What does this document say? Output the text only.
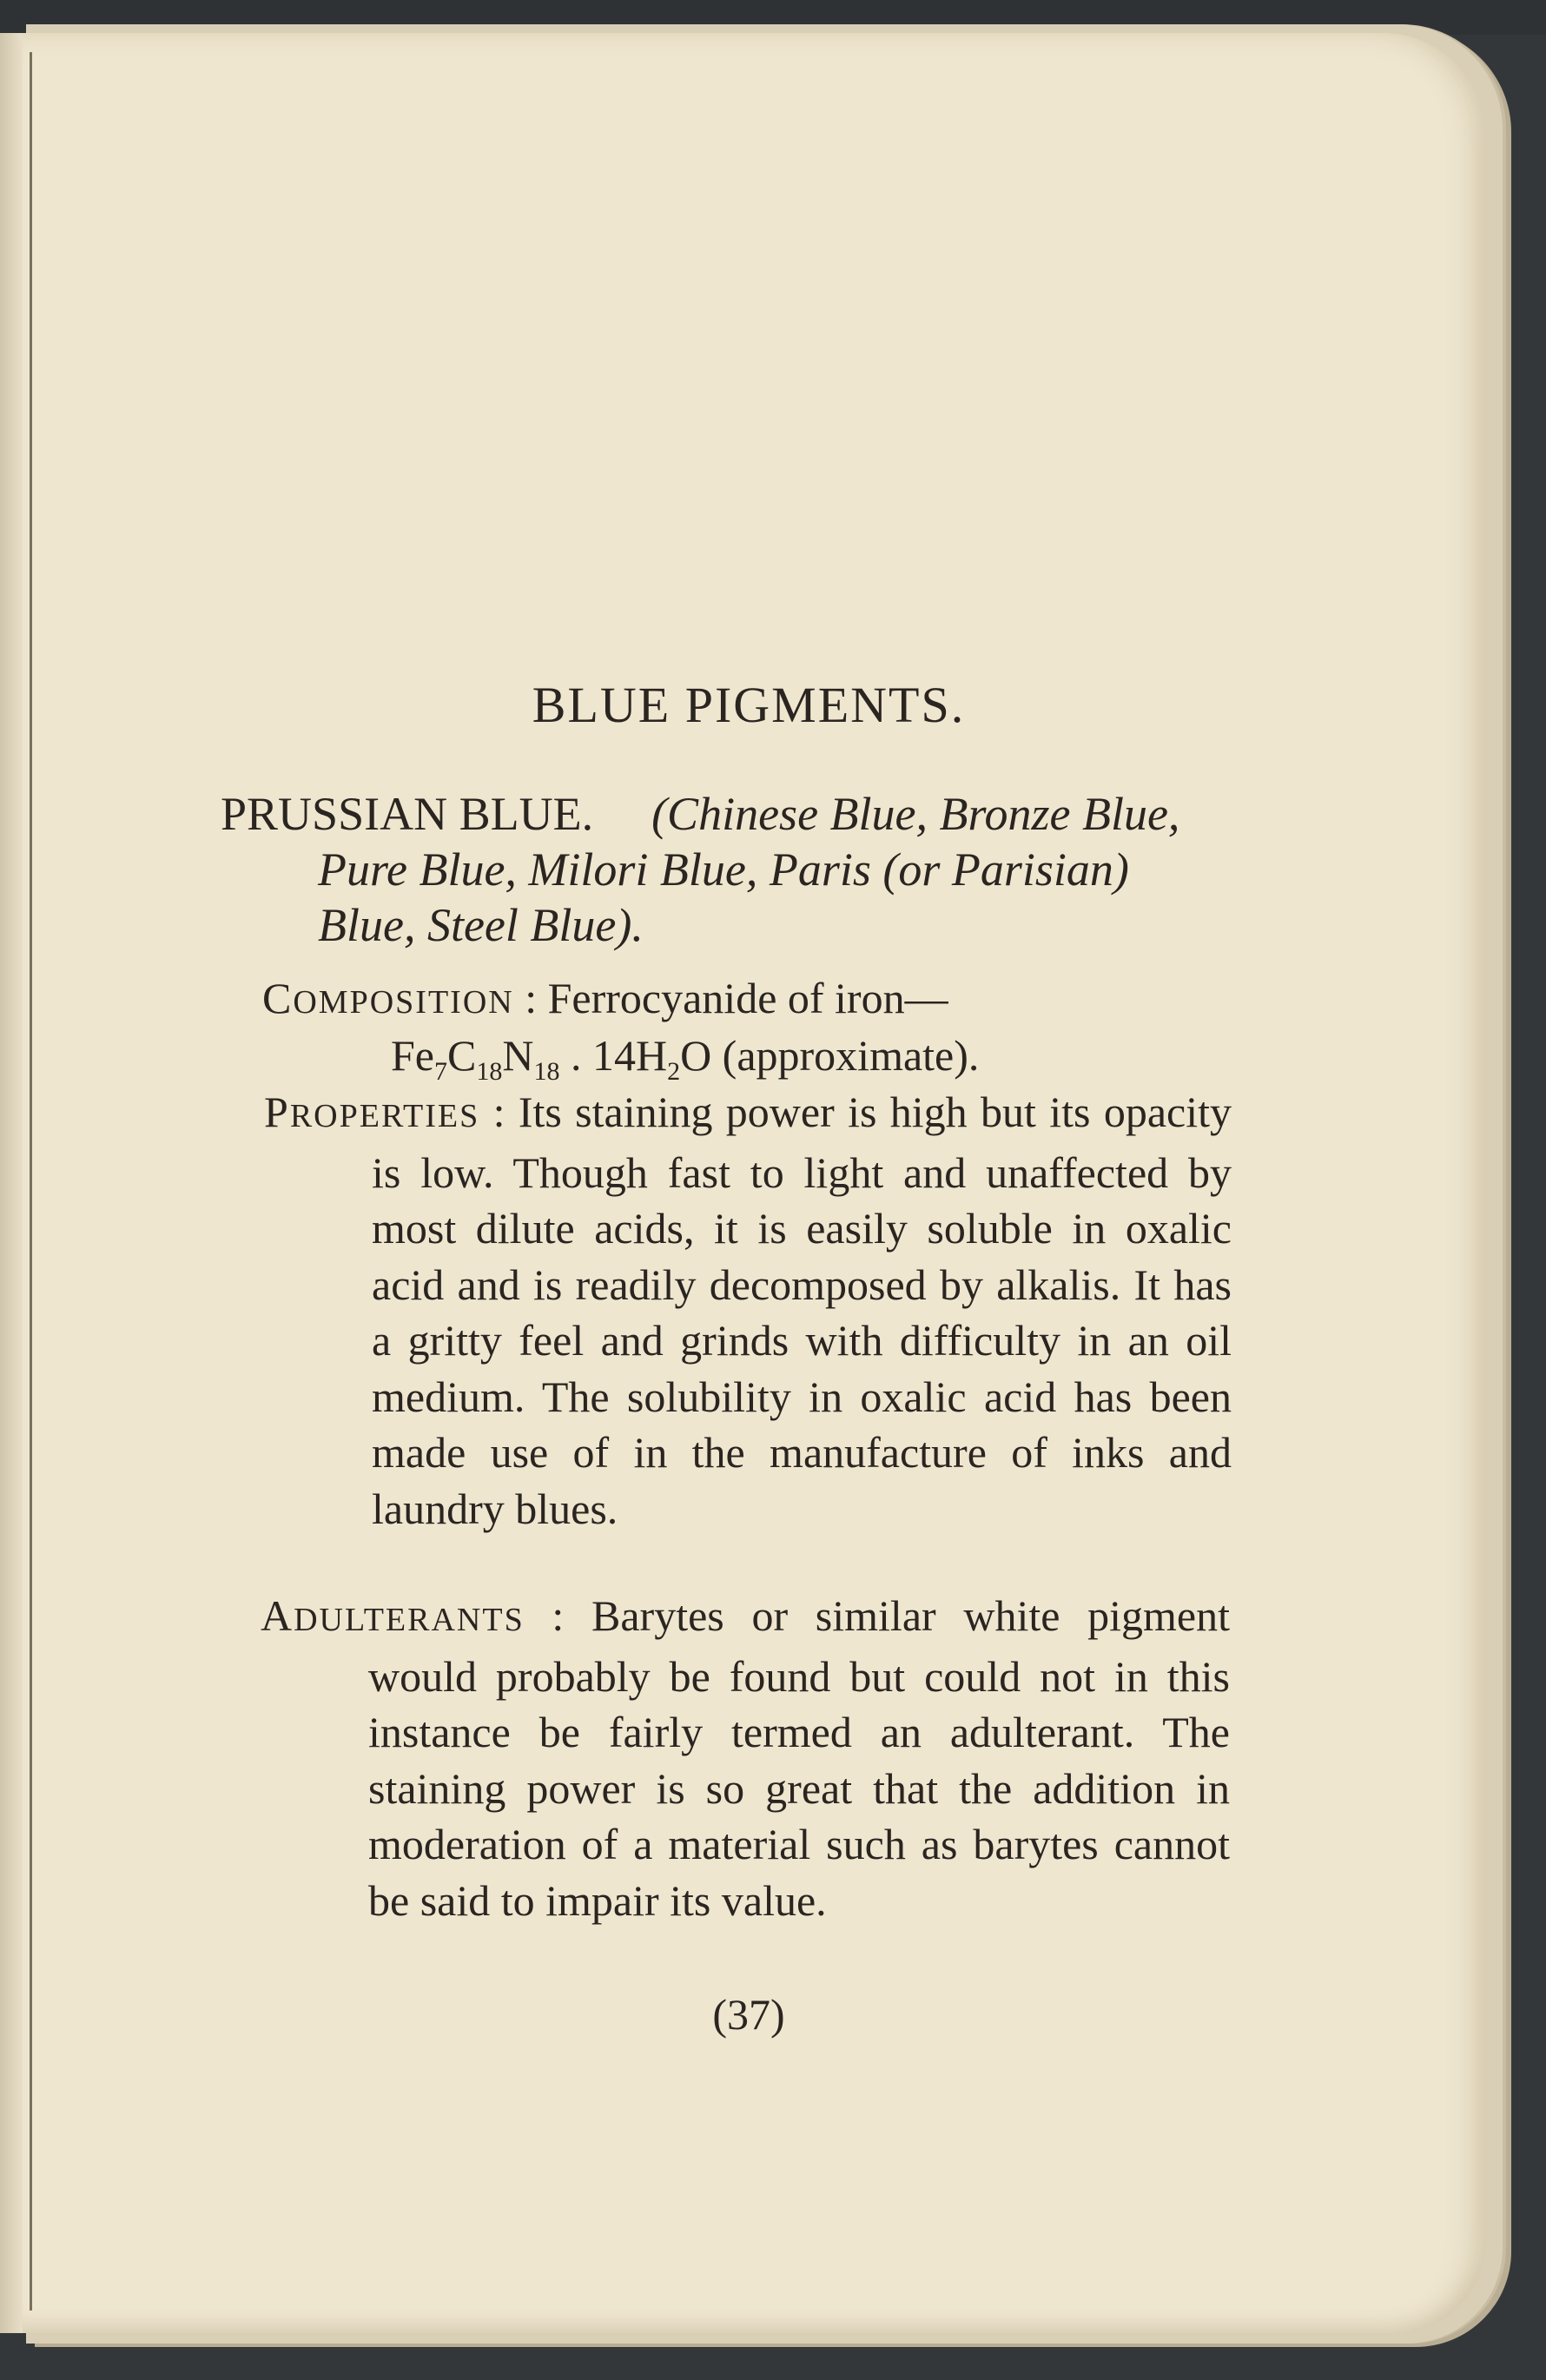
BLUE PIGMENTS.
PRUSSIAN BLUE. (Chinese Blue, Bronze Blue,
Pure Blue, Milori Blue, Paris (or Parisian)
Blue, Steel Blue).
COMPOSITION : Ferrocyanide of iron—
$Fe_7C_{18}N_{18}$ . $14H_2O$ (approximate).
PROPERTIES : Its staining power is high but its opacity is low. Though fast to light and unaffected by most dilute acids, it is easily soluble in oxalic acid and is readily decomposed by alkalis. It has a gritty feel and grinds with difficulty in an oil medium. The solubility in oxalic acid has been made use of in the manufacture of inks and laundry blues.
ADULTERANTS : Barytes or similar white pigment would probably be found but could not in this instance be fairly termed an adulterant. The staining power is so great that the addition in moderation of a material such as barytes cannot be said to impair its value.
(37)
